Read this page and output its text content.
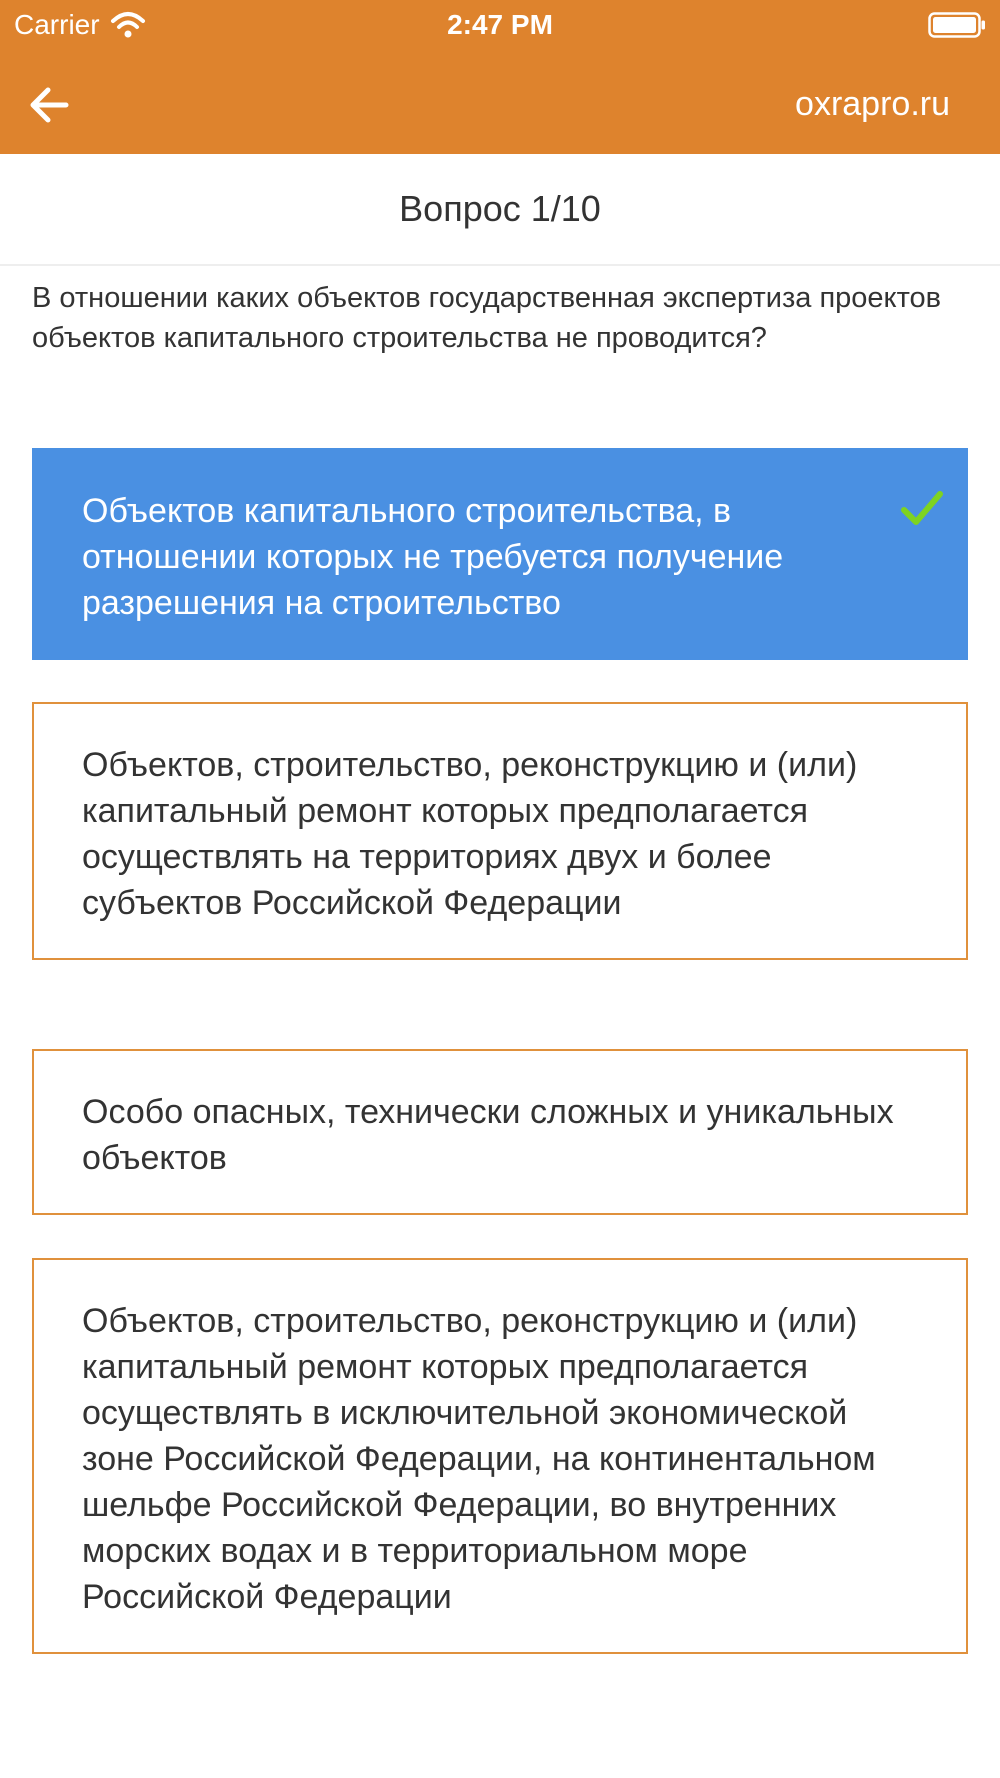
Carrier	2:47 PM
oxrapro.ru
Вопрос 1/10
В отношении каких объектов государственная экспертиза проектов объектов капитального строительства не проводится?
Объектов капитального строительства, в отношении которых не требуется получение разрешения на строительство
Объектов, строительство, реконструкцию и (или) капитальный ремонт которых предполагается осуществлять на территориях двух и более субъектов Российской Федерации
Особо опасных, технически сложных и уникальных объектов
Объектов, строительство, реконструкцию и (или) капитальный ремонт которых предполагается осуществлять в исключительной экономической зоне Российской Федерации, на континентальном шельфе Российской Федерации, во внутренних морских водах и в территориальном море Российской Федерации
